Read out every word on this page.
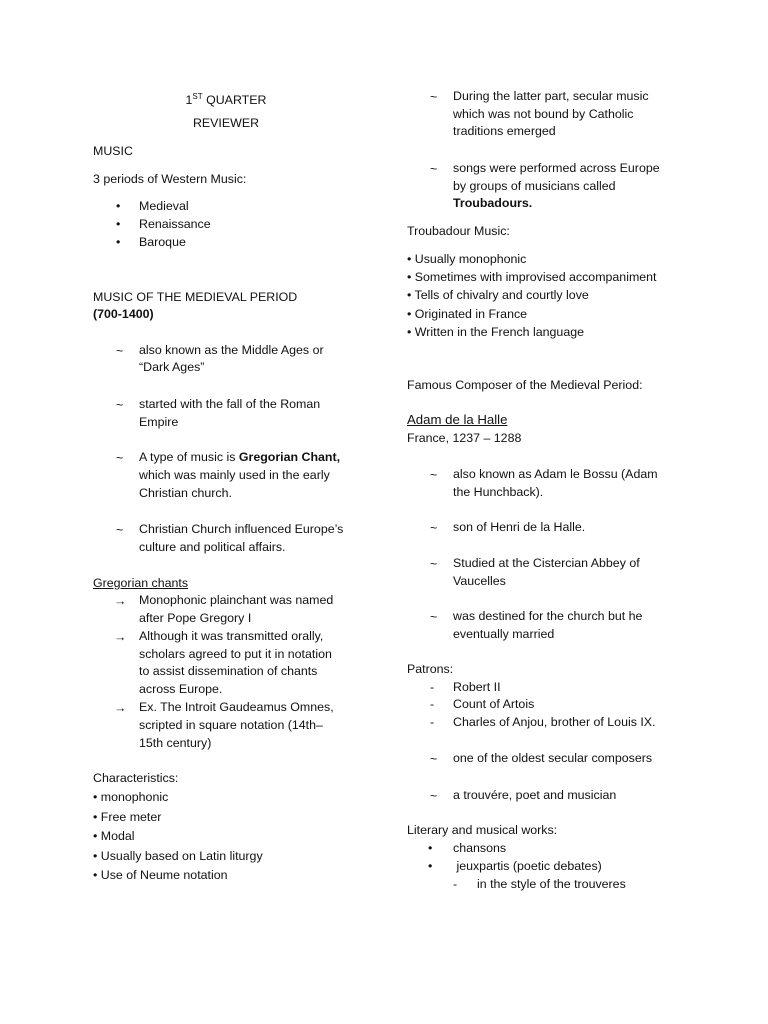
1ST QUARTER
REVIEWER
MUSIC
3 periods of Western Music:
• Medieval
• Renaissance
• Baroque
MUSIC OF THE MEDIEVAL PERIOD
(700-1400)
~ also known as the Middle Ages or
“Dark Ages”
~ started with the fall of the Roman
Empire
~ A type of music is Gregorian Chant,
which was mainly used in the early
Christian church.
~ Christian Church influenced Europe’s
culture and political affairs.
Gregorian chants
→ Monophonic plainchant was named
after Pope Gregory I
→ Although it was transmitted orally,
scholars agreed to put it in notation
to assist dissemination of chants
across Europe.
→ Ex. The Introit Gaudeamus Omnes,
scripted in square notation (14th–
15th century)
Characteristics:
• monophonic
• Free meter
• Modal
• Usually based on Latin liturgy
• Use of Neume notation
~ During the latter part, secular music
which was not bound by Catholic
traditions emerged
~ songs were performed across Europe
by groups of musicians called
Troubadours.
Troubadour Music:
• Usually monophonic
• Sometimes with improvised accompaniment
• Tells of chivalry and courtly love
• Originated in France
• Written in the French language
Famous Composer of the Medieval Period:
Adam de la Halle
France, 1237 – 1288
~ also known as Adam le Bossu (Adam
the Hunchback).
~ son of Henri de la Halle.
~ Studied at the Cistercian Abbey of
Vaucelles
~ was destined for the church but he
eventually married
Patrons:
- Robert II
- Count of Artois
- Charles of Anjou, brother of Louis IX.
~ one of the oldest secular composers
~ a trouvére, poet and musician
Literary and musical works:
• chansons
• jeuxpartis (poetic debates)
- in the style of the trouveres
